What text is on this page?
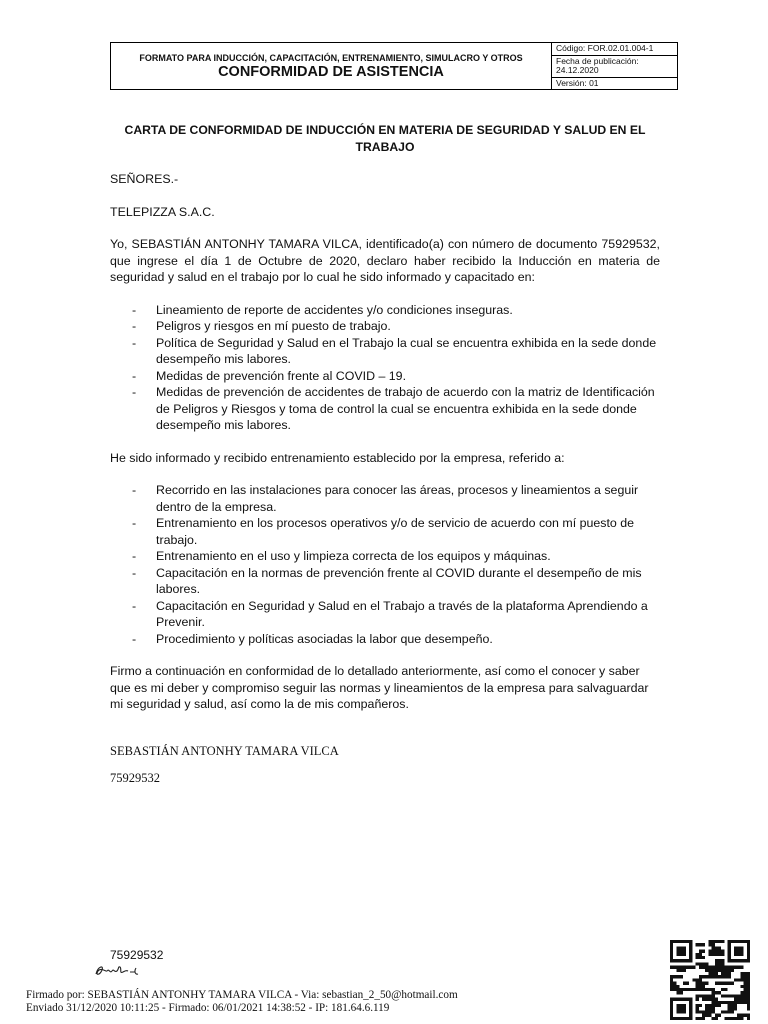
FORMATO PARA INDUCCIÓN, CAPACITACIÓN, ENTRENAMIENTO, SIMULACRO Y OTROS
CONFORMIDAD DE ASISTENCIA
Código: FOR.02.01.004-1
Fecha de publicación: 24.12.2020
Versión: 01
CARTA DE CONFORMIDAD DE INDUCCIÓN EN MATERIA DE SEGURIDAD Y SALUD EN EL TRABAJO

SEÑORES.-

TELEPIZZA S.A.C.

Yo, SEBASTIÁN ANTONHY TAMARA VILCA, identificado(a) con número de documento 75929532, que ingrese el día 1 de Octubre de 2020, declaro haber recibido la Inducción en materia de seguridad y salud en el trabajo por lo cual he sido informado y capacitado en:

- Lineamiento de reporte de accidentes y/o condiciones inseguras.
- Peligros y riesgos en mí puesto de trabajo.
- Política de Seguridad y Salud en el Trabajo la cual se encuentra exhibida en la sede donde desempeño mis labores.
- Medidas de prevención frente al COVID – 19.
- Medidas de prevención de accidentes de trabajo de acuerdo con la matriz de Identificación de Peligros y Riesgos y toma de control la cual se encuentra exhibida en la sede donde desempeño mis labores.

He sido informado y recibido entrenamiento establecido por la empresa, referido a:

- Recorrido en las instalaciones para conocer las áreas, procesos y lineamientos a seguir dentro de la empresa.
- Entrenamiento en los procesos operativos y/o de servicio de acuerdo con mí puesto de trabajo.
- Entrenamiento en el uso y limpieza correcta de los equipos y máquinas.
- Capacitación en la normas de prevención frente al COVID durante el desempeño de mis labores.
- Capacitación en Seguridad y Salud en el Trabajo a través de la plataforma Aprendiendo a Prevenir.
- Procedimiento y políticas asociadas la labor que desempeño.

Firmo a continuación en conformidad de lo detallado anteriormente, así como el conocer y saber que es mi deber y compromiso seguir las normas y lineamientos de la empresa para salvaguardar mi seguridad y salud, así como la de mis compañeros.

SEBASTIÁN ANTONHY TAMARA VILCA
75929532
75929532
Firmado por: SEBASTIÁN ANTONHY TAMARA VILCA - Via: sebastian_2_50@hotmail.com
Enviado 31/12/2020 10:11:25 - Firmado: 06/01/2021 14:38:52 - IP: 181.64.6.119
